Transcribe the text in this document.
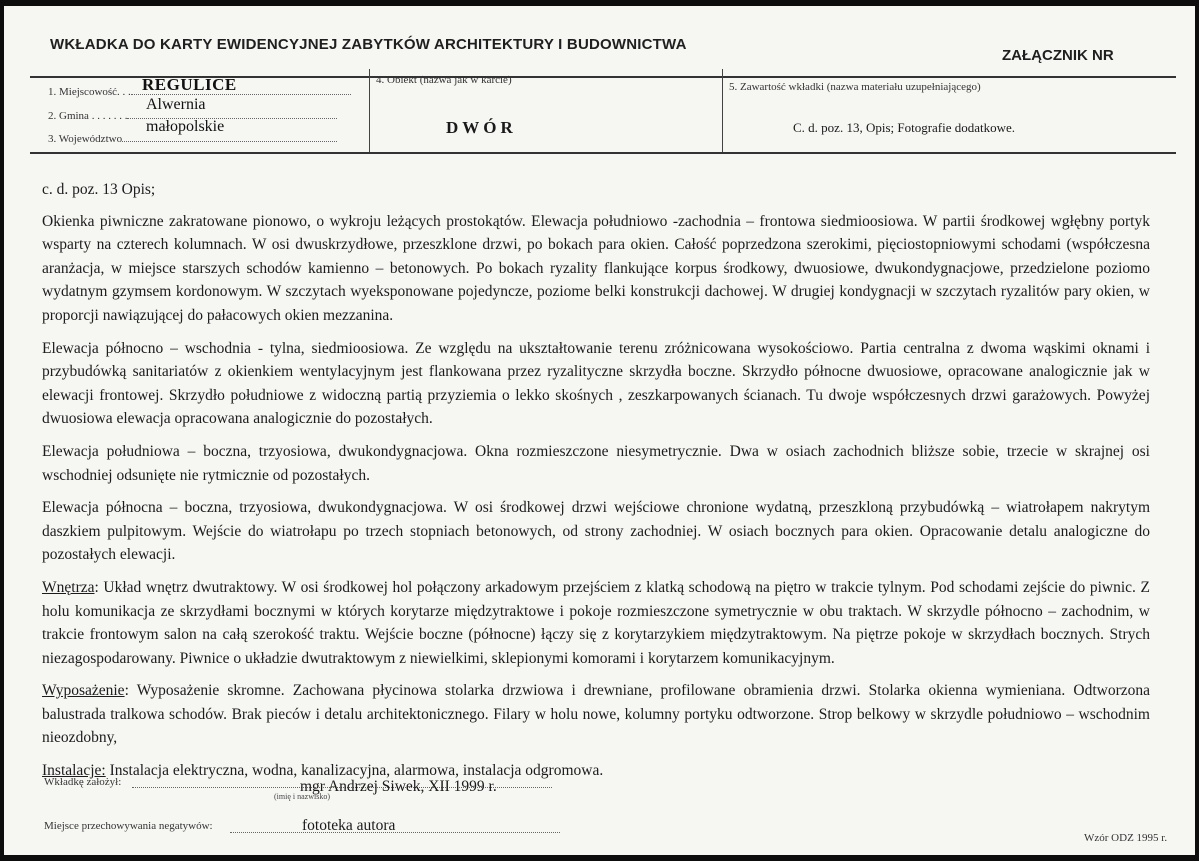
WKŁADKA DO KARTY EWIDENCYJNEJ ZABYTKÓW ARCHITEKTURY I BUDOWNICTWA
ZAŁĄCZNIK NR
1. Miejscowość. . . REGULICE
2. Gmina . . . . . . .
Alwernia
3. Województwo
małopolskie
4. Obiekt (nazwa jak w karcie)
DWÓR
5. Zawartość wkładki (nazwa materiału uzupełniającego)
C. d. poz. 13, Opis; Fotografie dodatkowe.

c. d. poz. 13 Opis;

Okienka piwniczne zakratowane pionowo, o wykroju leżących prostokątów. Elewacja południowo -zachodnia – frontowa siedmioosiowa. W partii środkowej wgłębny portyk wsparty na czterech kolumnach. W osi dwuskrzydłowe, przeszklone drzwi, po bokach para okien. Całość poprzedzona szerokimi, pięciostopniowymi schodami (współczesna aranżacja, w miejsce starszych schodów kamienno – betonowych. Po bokach ryzality flankujące korpus środkowy, dwuosiowe, dwukondygnacjowe, przedzielone poziomo wydatnym gzymsem kordonowym. W szczytach wyeksponowane pojedyncze, poziome belki konstrukcji dachowej. W drugiej kondygnacji w szczytach ryzalitów pary okien, w proporcji nawiązującej do pałacowych okien mezzanina.

Elewacja północno – wschodnia - tylna, siedmioosiowa. Ze względu na ukształtowanie terenu zróżnicowana wysokościowo. Partia centralna z dwoma wąskimi oknami i przybudówką sanitariatów z okienkiem wentylacyjnym jest flankowana przez ryzalityczne skrzydła boczne. Skrzydło północne dwuosiowe, opracowane analogicznie jak w elewacji frontowej. Skrzydło południowe z widoczną partią przyziemia o lekko skośnych , zeszkarpowanych ścianach. Tu dwoje współczesnych drzwi garażowych. Powyżej dwuosiowa elewacja opracowana analogicznie do pozostałych.

Elewacja południowa – boczna, trzyosiowa, dwukondygnacjowa. Okna rozmieszczone niesymetrycznie. Dwa w osiach zachodnich bliższe sobie, trzecie w skrajnej osi wschodniej odsunięte nie rytmicznie od pozostałych.

Elewacja północna – boczna, trzyosiowa, dwukondygnacjowa. W osi środkowej drzwi wejściowe chronione wydatną, przeszkloną przybudówką – wiatrołapem nakrytym daszkiem pulpitowym. Wejście do wiatrołapu po trzech stopniach betonowych, od strony zachodniej. W osiach bocznych para okien. Opracowanie detalu analogiczne do pozostałych elewacji.

Wnętrza: Układ wnętrz dwutraktowy. W osi środkowej hol połączony arkadowym przejściem z klatką schodową na piętro w trakcie tylnym. Pod schodami zejście do piwnic. Z holu komunikacja ze skrzydłami bocznymi w których korytarze międzytraktowe i pokoje rozmieszczone symetrycznie w obu traktach. W skrzydle północno – zachodnim, w trakcie frontowym salon na całą szerokość traktu. Wejście boczne (północne) łączy się z korytarzykiem międzytraktowym. Na piętrze pokoje w skrzydłach bocznych. Strych niezagospodarowany. Piwnice o układzie dwutraktowym z niewielkimi, sklepionymi komorami i korytarzem komunikacyjnym.

Wyposażenie: Wyposażenie skromne. Zachowana płycinowa stolarka drzwiowa i drewniane, profilowane obramienia drzwi. Stolarka okienna wymieniana. Odtworzona balustrada tralkowa schodów. Brak pieców i detalu architektonicznego. Filary w holu nowe, kolumny portyku odtworzone. Strop belkowy w skrzydle południowo – wschodnim nieozdobny,

Instalacje: Instalacja elektryczna, wodna, kanalizacyjna, alarmowa, instalacja odgromowa.

Wkładkę założył:
(imię i nazwisko)
mgr Andrzej Siwek, XII 1999 r.
Miejsce przechowywania negatywów:	fototeka autora
Wzór ODZ 1995 r.
